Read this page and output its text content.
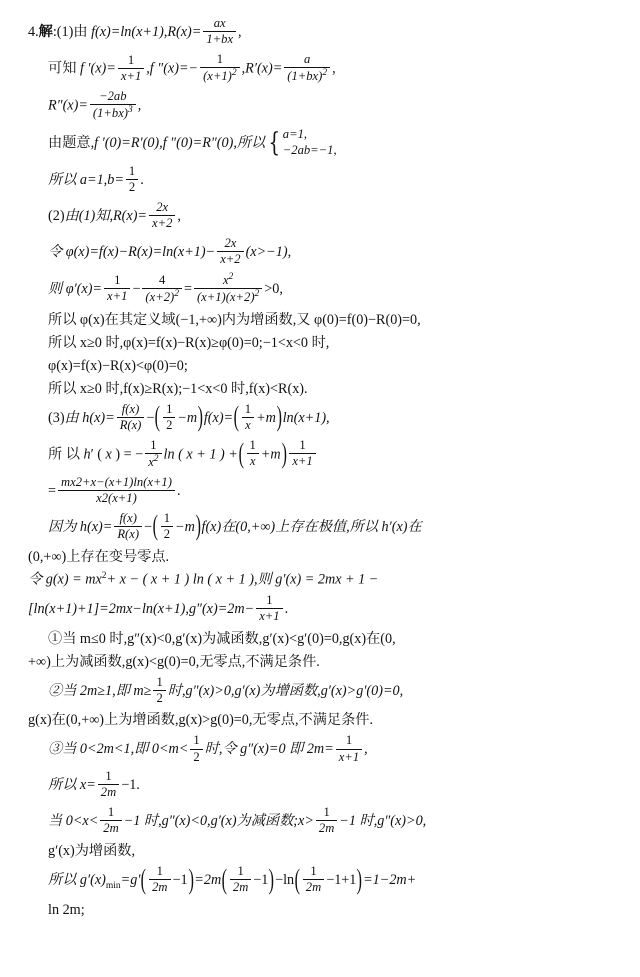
4.解:(1)由 $f(x)=\ln(x+1),R(x)= \frac{ax}{1+bx}$ ,
可知 f $'(x)= \frac{1}{x+1} ,f$ $''(x)=- \frac{1}{(x+1)^2} ,R'(x)= \frac{a}{(1+bx)^2}$ ,
$R''(x)= \frac{-2ab}{(1+bx)^3}$ ,
由题意,f ′(0)=R′(0),f ″(0)=R″(0),所以 { a=1,
−2ab=−1,
所以 $a=1,b= \frac{1}{2}$ .
(2)由(1)知$,R(x)= \frac{2x}{x+2}$ ,
令 $\varphi(x)=f(x)-R(x)=\ln(x+1)- \frac{2x}{x+2} (x>-1)$,
则 $\varphi'(x)= \frac{1}{x+1} - \frac{4}{(x+2)^2} = \frac{x^2}{(x+1)(x+2)^2} >0$,
所以 φ(x)在其定义域(−1,+∞)内为增函数,又 φ(0)=f(0)−R(0)=0,
所以 x≥0 时,φ(x)=f(x)−R(x)≥φ(0)=0;−1<x<0 时,
φ(x)=f(x)−R(x)<φ(0)=0;
所以 x≥0 时,f(x)≥R(x);−1<x<0 时,f(x)<R(x).
(3)由 $h(x)= \frac{f(x)}{R(x)}$ −( $\frac{1}{2} -m)f(x)=( \frac{1}{x} +m)\ln(x+1)$,
所 以 h′ ( x ) = − $\frac{1}{x^2}$ ln ( x + 1 ) +( $\frac{1}{x} +m) \frac{1}{x+1}$
= $\frac{mx2+x-(x+1)\ln(x+1)}{x2(x+1)}$ .
因为 $h(x)= \frac{f(x)}{R(x)}$ −( $\frac{1}{2} -m)f(x)$在(0,+∞)上存在极值,所以 h′(x)在
(0,+∞)上存在变号零点.
令 $g(x) = mx^2+ x$ − ( x + 1 ) ln ( x + 1 ),则 g′(x) = 2mx + 1 −
$[\ln(x+1)+1]=2mx-\ln(x+1),g''(x)=2m- \frac{1}{x+1}$ .
①当 m≤0 时,g″(x)<0,g′(x)为减函数,g′(x)<g′(0)=0,g(x)在(0,
+∞)上为减函数,g(x)<g(0)=0,无零点,不满足条件.
②当 2m≥1,即 $m\ge \frac{1}{2}$ 时,g″(x)>0,g′(x)为增函数,g′(x)>g′(0)=0,
g(x)在(0,+∞)上为增函数,g(x)>g(0)=0,无零点,不满足条件.
③当 0<2m<1,即 $0<m< \frac{1}{2}$ 时,令 g″(x)=0 即 $2m= \frac{1}{x+1}$ ,
所以 $x= \frac{1}{2m} -1$.
当 $0<x< \frac{1}{2m} -1$ 时,g″(x)<0,g′(x)为减函数;x> $\frac{1}{2m} -1$ 时,g″(x)>0,
g′(x)为增函数,
所以 $g'(x)_{min}=g'( \frac{1}{2m} -1)=2m( \frac{1}{2m} -1)-\ln( \frac{1}{2m} -1+1)=1-2m+$
ln 2m;
